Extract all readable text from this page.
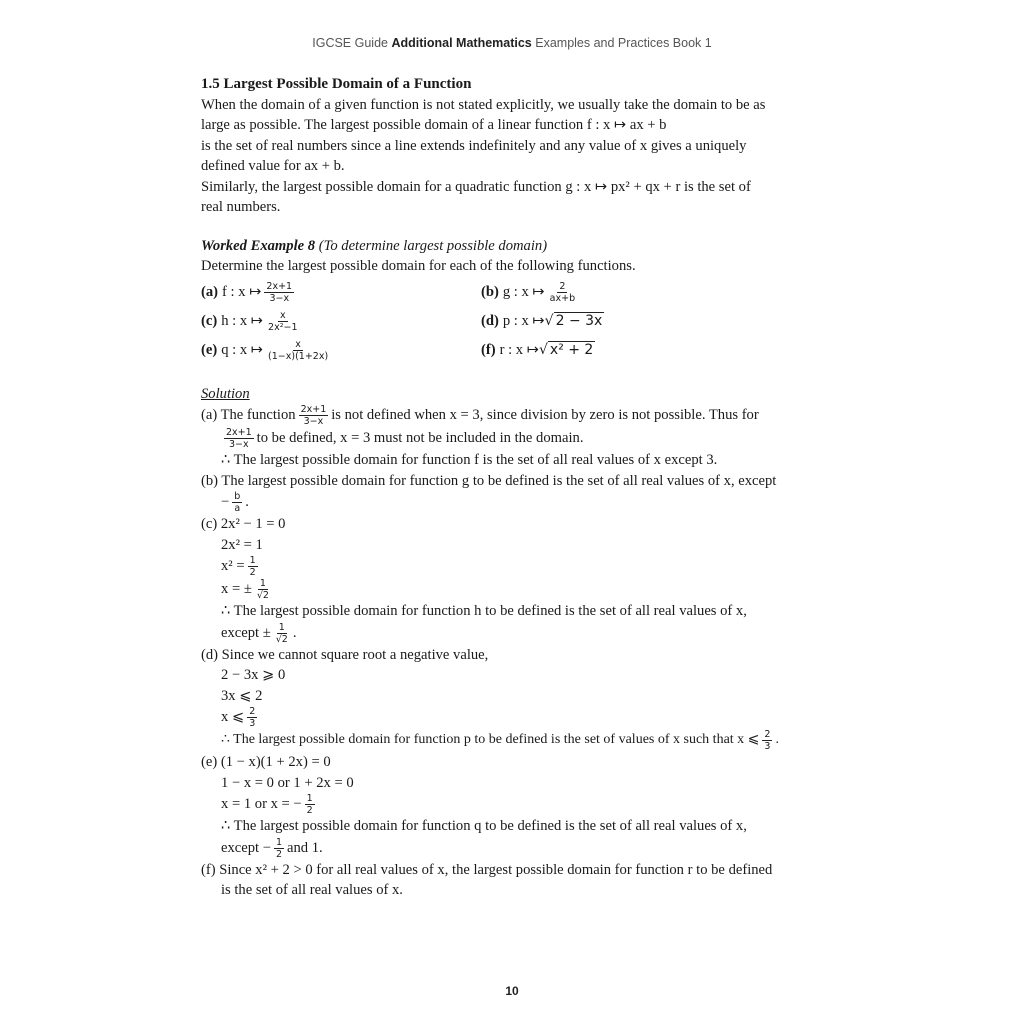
IGCSE Guide Additional Mathematics Examples and Practices Book 1
1.5 Largest Possible Domain of a Function

When the domain of a given function is not stated explicitly, we usually take the domain to be as

large as possible. The largest possible domain of a linear function f : x ↦ ax + b

is the set of real numbers since a line extends indefinitely and any value of x gives a uniquely

defined value for ax + b.

Similarly, the largest possible domain for a quadratic function g : x ↦ px² + qx + r is the set of

real numbers.

Worked Example 8 (To determine largest possible domain)
Determine the largest possible domain for each of the following functions.
(a) f : x ↦ $\frac{2x+1}{3-x}$	(b) g : x ↦ $\frac{2}{ax+b}$
(c) h : x ↦ $\frac{x}{\text{2x²−1}}$	(d) p : x ↦ √ 2 − 3x
(e) q : x ↦ $\frac{x}{(1-x)(1+2x)}$	(f) r : x ↦ √ x² + 2
Solution
(a) The function $\frac{2x+1}{3-x}$ is not defined when x = 3, since division by zero is not possible. Thus for
$\frac{2x+1}{3-x}$ to be defined, x = 3 must not be included in the domain.
∴ The largest possible domain for function f is the set of all real values of x except 3.
(b) The largest possible domain for function g to be defined is the set of all real values of x, except
− $\frac{b}{a}$ .
(c) 2x² − 1 = 0
2x² = 1
$x^2 = \frac{1}{2}$
x = ± $\frac{1}{√2}$
∴ The largest possible domain for function h to be defined is the set of all real values of x,
except ± $\frac{1}{√2}$ .
(d) Since we cannot square root a negative value,
2 − 3x ⩾ 0
3x ⩽ 2
x ⩽ $\frac{2}{3}$
∴ The largest possible domain for function p to be defined is the set of values of x such that x ⩽ $\frac{2}{3}$ .
(e) (1 − x)(1 + 2x) = 0
1 − x = 0 or 1 + 2x = 0
x = 1 or x = − $\frac{1}{2}$
∴ The largest possible domain for function q to be defined is the set of all real values of x,
except − $\frac{1}{2}$ and 1.
(f) Since x² + 2 > 0 for all real values of x, the largest possible domain for function r to be defined
is the set of all real values of x.
10
